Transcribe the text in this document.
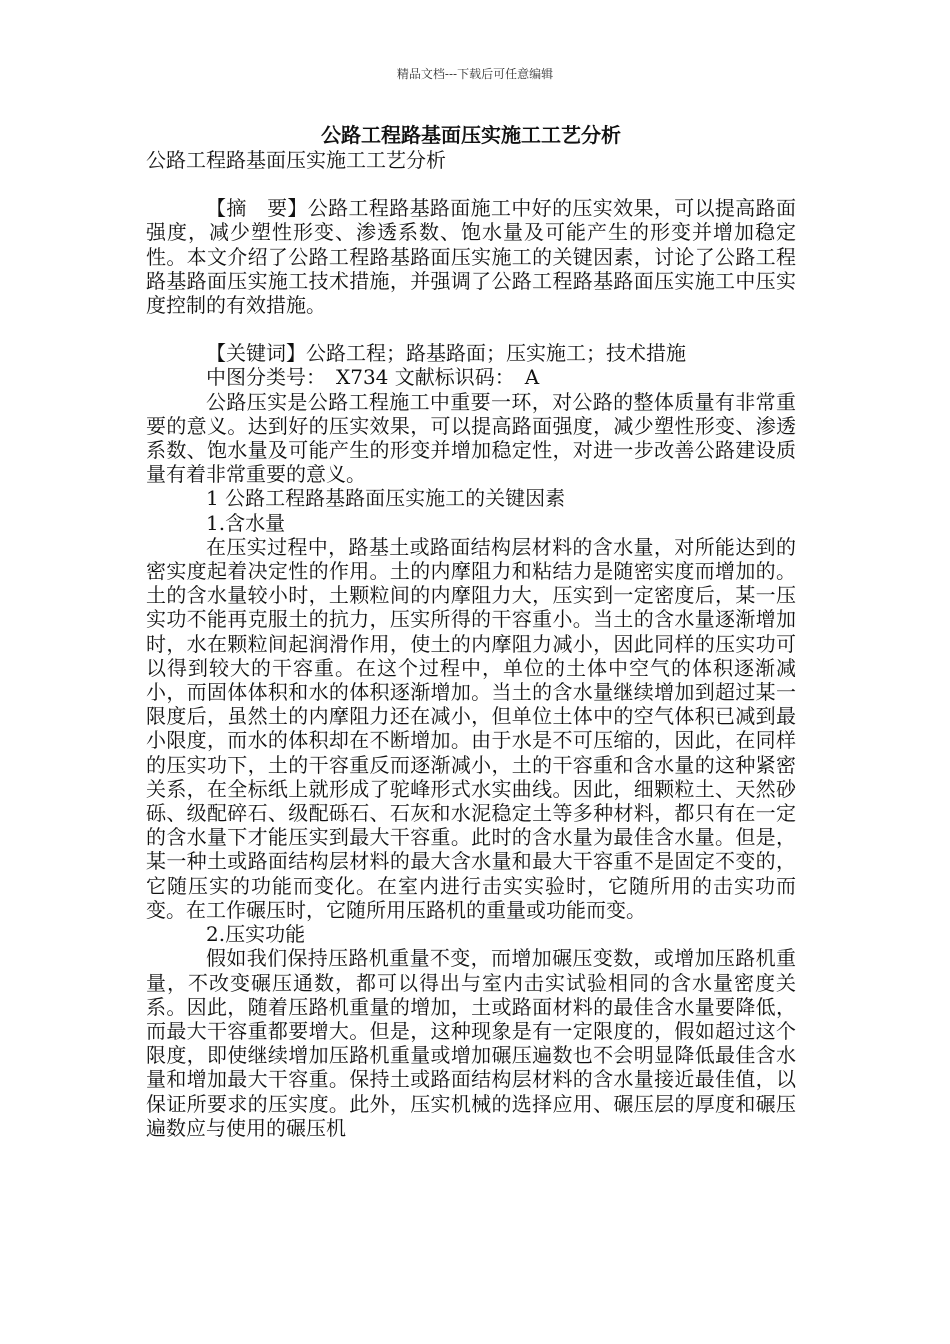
精品文档---下载后可任意编辑

公路工程路基面压实施工工艺分析

公路工程路基面压实施工工艺分析

【摘　要】公路工程路基路面施工中好的压实效果，可以提高路面强度，减少塑性形变、渗透系数、饱水量及可能产生的形变并增加稳定性。本文介绍了公路工程路基路面压实施工的关键因素，讨论了公路工程路基路面压实施工技术措施，并强调了公路工程路基路面压实施工中压实度控制的有效措施。

【关键词】公路工程；路基路面；压实施工；技术措施

中图分类号：　X734 文献标识码：　A

公路压实是公路工程施工中重要一环，对公路的整体质量有非常重要的意义。达到好的压实效果，可以提高路面强度，减少塑性形变、渗透系数、饱水量及可能产生的形变并增加稳定性，对进一步改善公路建设质量有着非常重要的意义。

1 公路工程路基路面压实施工的关键因素

1.含水量

在压实过程中，路基土或路面结构层材料的含水量，对所能达到的密实度起着决定性的作用。土的内摩阻力和粘结力是随密实度而增加的。土的含水量较小时，土颗粒间的内摩阻力大，压实到一定密度后，某一压实功不能再克服土的抗力，压实所得的干容重小。当土的含水量逐渐增加时，水在颗粒间起润滑作用，使土的内摩阻力减小，因此同样的压实功可以得到较大的干容重。在这个过程中，单位的土体中空气的体积逐渐减小，而固体体积和水的体积逐渐增加。当土的含水量继续增加到超过某一限度后，虽然土的内摩阻力还在减小，但单位土体中的空气体积已减到最小限度，而水的体积却在不断增加。由于水是不可压缩的，因此，在同样的压实功下，土的干容重反而逐渐减小，土的干容重和含水量的这种紧密关系，在全标纸上就形成了驼峰形式水实曲线。因此，细颗粒土、天然砂砾、级配碎石、级配砾石、石灰和水泥稳定土等多种材料，都只有在一定的含水量下才能压实到最大干容重。此时的含水量为最佳含水量。但是，某一种土或路面结构层材料的最大含水量和最大干容重不是固定不变的，它随压实的功能而变化。在室内进行击实实验时，它随所用的击实功而变。在工作碾压时，它随所用压路机的重量或功能而变。

2.压实功能

假如我们保持压路机重量不变，而增加碾压变数，或增加压路机重量，不改变碾压通数，都可以得出与室内击实试验相同的含水量密度关系。因此，随着压路机重量的增加，土或路面材料的最佳含水量要降低，而最大干容重都要增大。但是，这种现象是有一定限度的，假如超过这个限度，即使继续增加压路机重量或增加碾压遍数也不会明显降低最佳含水量和增加最大干容重。保持土或路面结构层材料的含水量接近最佳值，以保证所要求的压实度。此外，压实机械的选择应用、碾压层的厚度和碾压遍数应与使用的碾压机
